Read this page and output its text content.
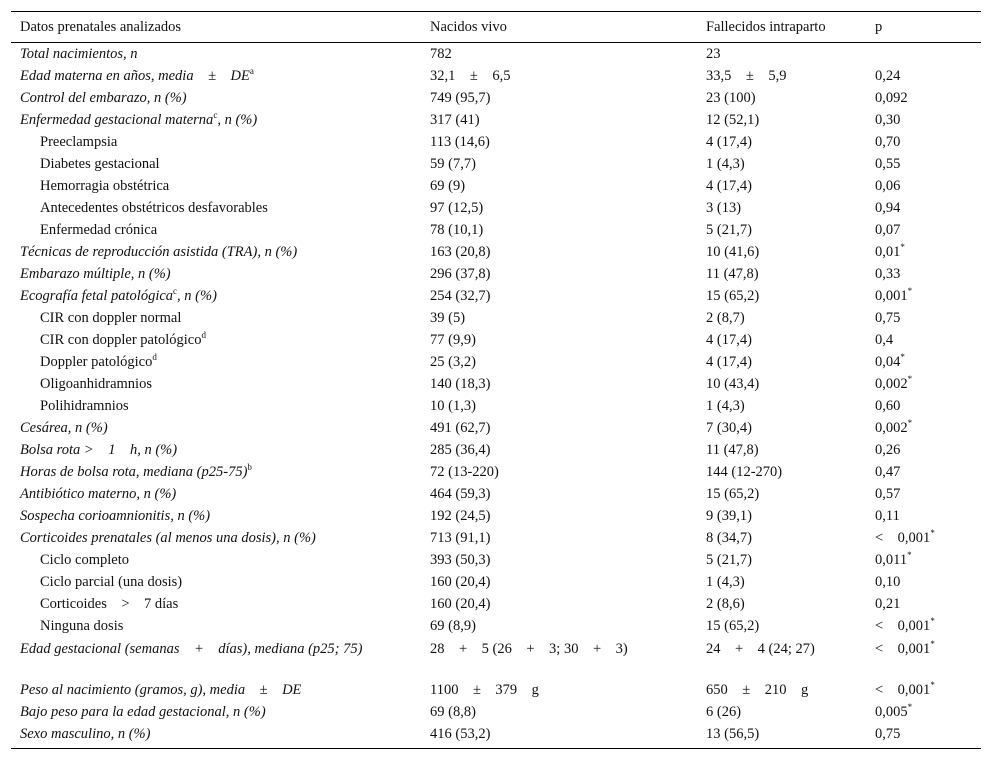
Datos prenatales analizados	Nacidos vivo	Fallecidos intraparto	p
Total nacimientos, n	782	23	
Edad materna en años, media ± $DE^a$	32,1 ± 6,5	33,5 ± 5,9	0,24
Control del embarazo, n (%)	749 (95,7)	23 (100)	0,092
Enfermedad gestacional materna$^c$, n (%)	317 (41)	12 (52,1)	0,30
Preeclampsia	113 (14,6)	4 (17,4)	0,70
Diabetes gestacional	59 (7,7)	1 (4,3)	0,55
Hemorragia obstétrica	69 (9)	4 (17,4)	0,06
Antecedentes obstétricos desfavorables	97 (12,5)	3 (13)	0,94
Enfermedad crónica	78 (10,1)	5 (21,7)	0,07
Técnicas de reproducción asistida (TRA), n (%)	163 (20,8)	10 (41,6)	0,01*
Embarazo múltiple, n (%)	296 (37,8)	11 (47,8)	0,33
Ecografía fetal patológica$^c$, n (%)	254 (32,7)	15 (65,2)	0,001*
CIR con doppler normal	39 (5)	2 (8,7)	0,75
CIR con doppler patológico$^d$	77 (9,9)	4 (17,4)	0,4
Doppler patológico$^d$	25 (3,2)	4 (17,4)	0,04*
Oligoanhidramnios	140 (18,3)	10 (43,4)	0,002*
Polihidramnios	10 (1,3)	1 (4,3)	0,60
Cesárea, n (%)	491 (62,7)	7 (30,4)	0,002*
Bolsa rota > 1 h, n (%)	285 (36,4)	11 (47,8)	0,26
Horas de bolsa rota, mediana $(p25-75)^b$	72 (13-220)	144 (12-270)	0,47
Antibiótico materno, n (%)	464 (59,3)	15 (65,2)	0,57
Sospecha corioamnionitis, n (%)	192 (24,5)	9 (39,1)	0,11
Corticoides prenatales (al menos una dosis), n (%)	713 (91,1)	8 (34,7)	< 0,001*
Ciclo completo	393 (50,3)	5 (21,7)	0,011*
Ciclo parcial (una dosis)	160 (20,4)	1 (4,3)	0,10
Corticoides > 7 días	160 (20,4)	2 (8,6)	0,21
Ninguna dosis	69 (8,9)	15 (65,2)	< 0,001*
Edad gestacional (semanas + días), mediana (p25; 75)	28 + 5 (26 + 3; 30 + 3)	24 + 4 (24; 27)	< 0,001*
Peso al nacimiento (gramos, g), media ± DE	1100 ± 379 g	650 ± 210 g	< 0,001*
Bajo peso para la edad gestacional, n (%)	69 (8,8)	6 (26)	0,005*
Sexo masculino, n (%)	416 (53,2)	13 (56,5)	0,75
